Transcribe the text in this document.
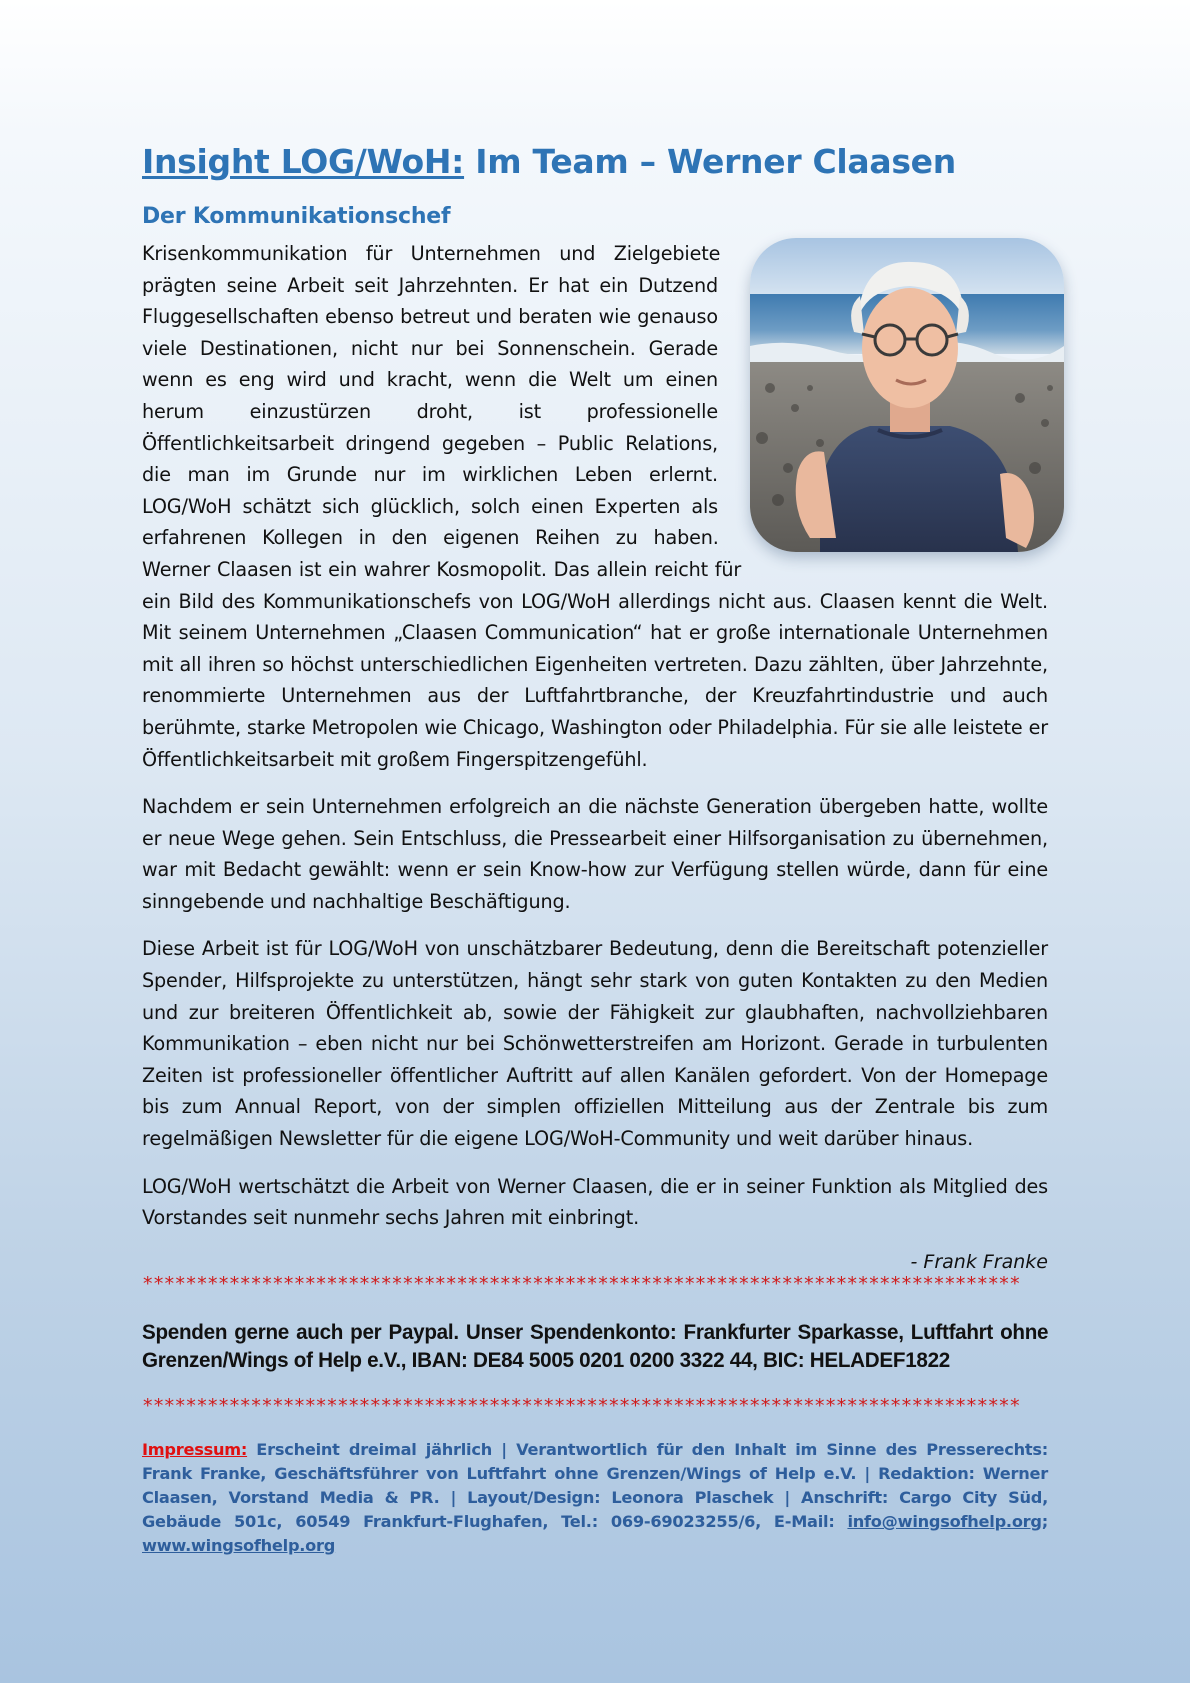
Insight LOG/WoH: Im Team – Werner Claasen
Der Kommunikationschef

Krisenkommunikation für Unternehmen und Zielgebiete prägten seine Arbeit seit Jahrzehnten. Er hat ein Dutzend Fluggesellschaften ebenso betreut und beraten wie genauso viele Destinationen, nicht nur bei Sonnenschein. Gerade wenn es eng wird und kracht, wenn die Welt um einen herum einzustürzen droht, ist professionelle Öffentlichkeitsarbeit dringend gegeben – Public Relations, die man im Grunde nur im wirklichen Leben erlernt. LOG/WoH schätzt sich glücklich, solch einen Experten als erfahrenen Kollegen in den eigenen Reihen zu haben. Werner Claasen ist ein wahrer Kosmopolit. Das allein reicht für ein Bild des Kommunikationschefs von LOG/WoH allerdings nicht aus. Claasen kennt die Welt. Mit seinem Unternehmen „Claasen Communication“ hat er große internationale Unternehmen mit all ihren so höchst unterschiedlichen Eigenheiten vertreten. Dazu zählten, über Jahrzehnte, renommierte Unternehmen aus der Luftfahrtbranche, der Kreuzfahrtindustrie und auch berühmte, starke Metropolen wie Chicago, Washington oder Philadelphia. Für sie alle leistete er Öffentlichkeitsarbeit mit großem Fingerspitzengefühl.

Nachdem er sein Unternehmen erfolgreich an die nächste Generation übergeben hatte, wollte er neue Wege gehen. Sein Entschluss, die Pressearbeit einer Hilfsorganisation zu übernehmen, war mit Bedacht gewählt: wenn er sein Know-how zur Verfügung stellen würde, dann für eine sinngebende und nachhaltige Beschäftigung.

Diese Arbeit ist für LOG/WoH von unschätzbarer Bedeutung, denn die Bereitschaft potenzieller Spender, Hilfsprojekte zu unterstützen, hängt sehr stark von guten Kontakten zu den Medien und zur breiteren Öffentlichkeit ab, sowie der Fähigkeit zur glaubhaften, nachvollziehbaren Kommunikation – eben nicht nur bei Schönwetterstreifen am Horizont. Gerade in turbulenten Zeiten ist professioneller öffentlicher Auftritt auf allen Kanälen gefordert. Von der Homepage bis zum Annual Report, von der simplen offiziellen Mitteilung aus der Zentrale bis zum regelmäßigen Newsletter für die eigene LOG/WoH-Community und weit darüber hinaus.

LOG/WoH wertschätzt die Arbeit von Werner Claasen, die er in seiner Funktion als Mitglied des Vorstandes seit nunmehr sechs Jahren mit einbringt.

- Frank Franke

*********************************************************************************

Spenden gerne auch per Paypal. Unser Spendenkonto: Frankfurter Sparkasse, Luftfahrt ohne Grenzen/Wings of Help e.V., IBAN: DE84 5005 0201 0200 3322 44, BIC: HELADEF1822

*********************************************************************************

Impressum: Erscheint dreimal jährlich | Verantwortlich für den Inhalt im Sinne des Presserechts: Frank Franke, Geschäftsführer von Luftfahrt ohne Grenzen/Wings of Help e.V. | Redaktion: Werner Claasen, Vorstand Media & PR. | Layout/Design: Leonora Plaschek | Anschrift: Cargo City Süd, Gebäude 501c, 60549 Frankfurt-Flughafen, Tel.: 069-69023255/6, E-Mail: info@wingsofhelp.org; www.wingsofhelp.org
